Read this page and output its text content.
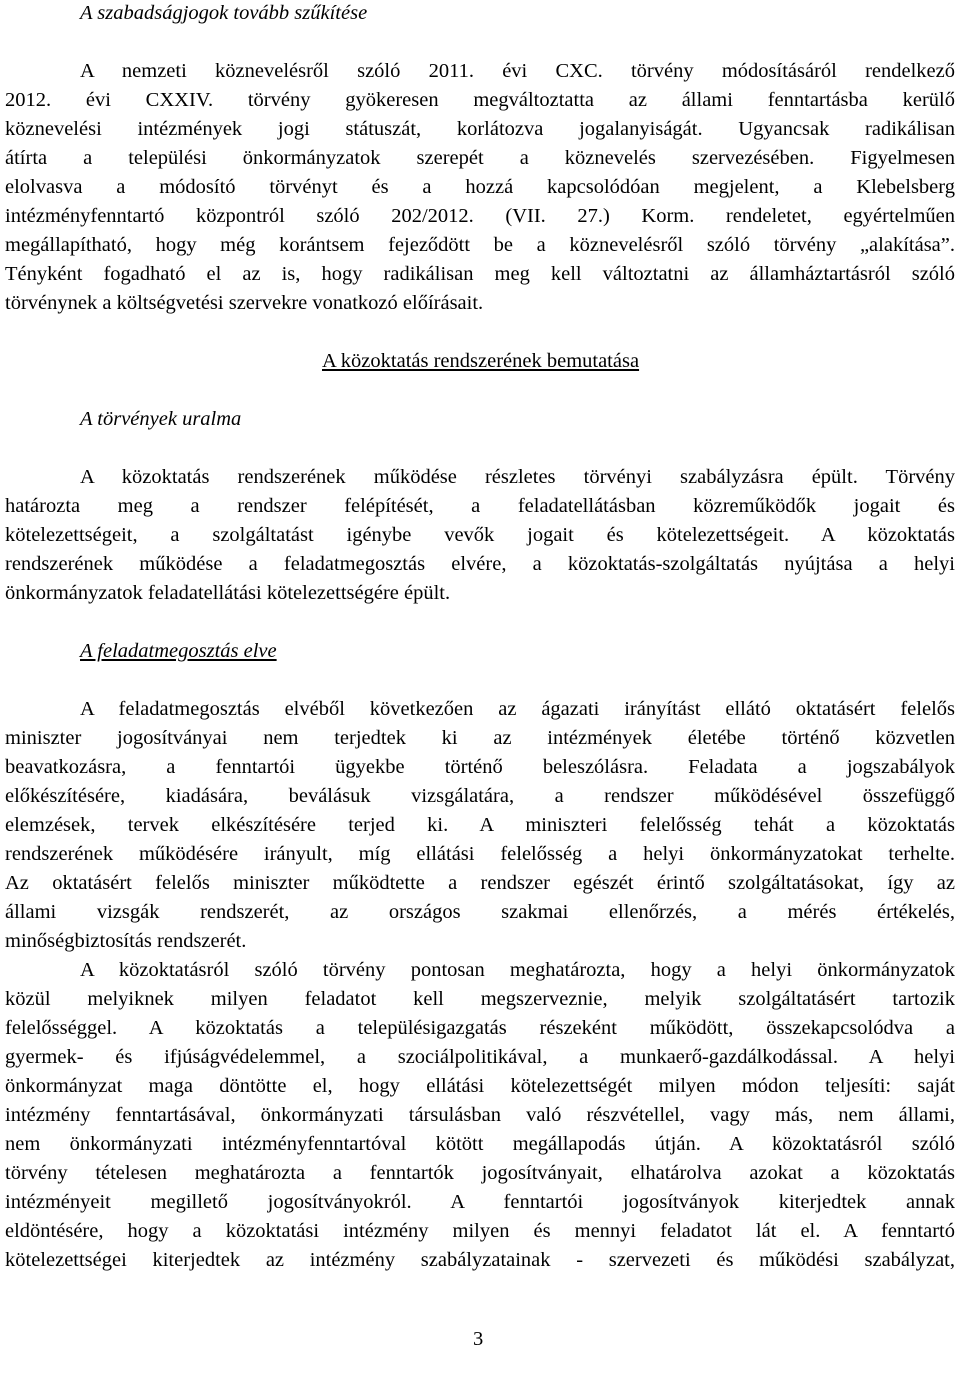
A szabadságjogok tovább szűkítése
A nemzeti köznevelésről szóló 2011. évi CXC. törvény módosításáról rendelkező
2012. évi CXXIV. törvény gyökeresen megváltoztatta az állami fenntartásba kerülő
köznevelési intézmények jogi státuszát, korlátozva jogalanyiságát. Ugyancsak radikálisan
átírta a települési önkormányzatok szerepét a köznevelés szervezésében. Figyelmesen
elolvasva a módosító törvényt és a hozzá kapcsolódóan megjelent, a Klebelsberg
intézményfenntartó központról szóló 202/2012. (VII. 27.) Korm. rendeletet, egyértelműen
megállapítható, hogy még korántsem fejeződött be a köznevelésről szóló törvény „alakítása”.
Tényként fogadható el az is, hogy radikálisan meg kell változtatni az államháztartásról szóló
törvénynek a költségvetési szervekre vonatkozó előírásait.
A közoktatás rendszerének bemutatása
A törvények uralma
A közoktatás rendszerének működése részletes törvényi szabályzásra épült. Törvény
határozta meg a rendszer felépítését, a feladatellátásban közreműködők jogait és
kötelezettségeit, a szolgáltatást igénybe vevők jogait és kötelezettségeit. A közoktatás
rendszerének működése a feladatmegosztás elvére, a közoktatás-szolgáltatás nyújtása a helyi
önkormányzatok feladatellátási kötelezettségére épült.
A feladatmegosztás elve
A feladatmegosztás elvéből következően az ágazati irányítást ellátó oktatásért felelős
miniszter jogosítványai nem terjedtek ki az intézmények életébe történő közvetlen
beavatkozásra, a fenntartói ügyekbe történő beleszólásra. Feladata a jogszabályok
előkészítésére, kiadására, beválásuk vizsgálatára, a rendszer működésével összefüggő
elemzések, tervek elkészítésére terjed ki. A miniszteri felelősség tehát a közoktatás
rendszerének működésére irányult, míg ellátási felelősség a helyi önkormányzatokat terhelte.
Az oktatásért felelős miniszter működtette a rendszer egészét érintő szolgáltatásokat, így az
állami vizsgák rendszerét, az országos szakmai ellenőrzés, a mérés értékelés,
minőségbiztosítás rendszerét.
A közoktatásról szóló törvény pontosan meghatározta, hogy a helyi önkormányzatok
közül melyiknek milyen feladatot kell megszerveznie, melyik szolgáltatásért tartozik
felelősséggel. A közoktatás a településigazgatás részeként működött, összekapcsolódva a
gyermek- és ifjúságvédelemmel, a szociálpolitikával, a munkaerő-gazdálkodással. A helyi
önkormányzat maga döntötte el, hogy ellátási kötelezettségét milyen módon teljesíti: saját
intézmény fenntartásával, önkormányzati társulásban való részvétellel, vagy más, nem állami,
nem önkormányzati intézményfenntartóval kötött megállapodás útján. A közoktatásról szóló
törvény tételesen meghatározta a fenntartók jogosítványait, elhatárolva azokat a közoktatás
intézményeit megillető jogosítványokról. A fenntartói jogosítványok kiterjedtek annak
eldöntésére, hogy a közoktatási intézmény milyen és mennyi feladatot lát el. A fenntartó
kötelezettségei kiterjedtek az intézmény szabályzatainak - szervezeti és működési szabályzat,
3
